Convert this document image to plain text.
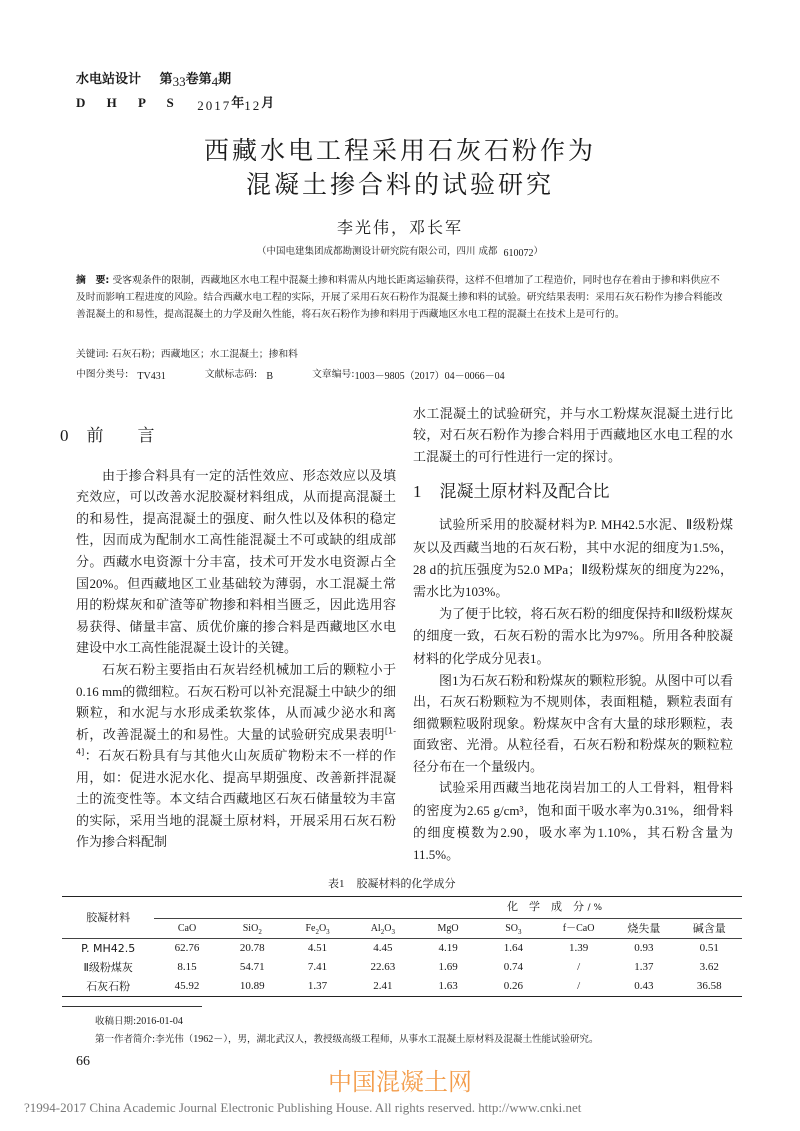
水电站设计 第33卷第4期
D H P S 2017年12月
西藏水电工程采用石灰石粉作为
混凝土掺合料的试验研究
李光伟，邓长军
（中国电建集团成都勘测设计研究院有限公司，四川 成都 610072）
摘　要: 受客观条件的限制，西藏地区水电工程中混凝土掺和料需从内地长距离运输获得，这样不但增加了工程造价，同时也存在着由于掺和料供应不及时而影响工程进度的风险。结合西藏水电工程的实际，开展了采用石灰石粉作为混凝土掺和料的试验。研究结果表明：采用石灰石粉作为掺合料能改善混凝土的和易性，提高混凝土的力学及耐久性能，将石灰石粉作为掺和料用于西藏地区水电工程的混凝土在技术上是可行的。
关键词: 石灰石粉；西藏地区；水工混凝土；掺和料
中图分类号: TV431	文献标志码: B	文章编号:1003－9805（2017）04－0066－04
0 前　　言

由于掺合料具有一定的活性效应、形态效应以及填充效应，可以改善水泥胶凝材料组成，从而提高混凝土的和易性，提高混凝土的强度、耐久性以及体积的稳定性，因而成为配制水工高性能混凝土不可或缺的组成部分。西藏水电资源十分丰富，技术可开发水电资源占全国20%。但西藏地区工业基础较为薄弱，水工混凝土常用的粉煤灰和矿渣等矿物掺和料相当匮乏，因此选用容易获得、储量丰富、质优价廉的掺合料是西藏地区水电建设中水工高性能混凝土设计的关键。

石灰石粉主要指由石灰岩经机械加工后的颗粒小于0.16 mm的微细粒。石灰石粉可以补充混凝土中缺少的细颗粒，和水泥与水形成柔软浆体，从而减少泌水和离析，改善混凝土的和易性。大量的试验研究成果表明[1-4]：石灰石粉具有与其他火山灰质矿物粉末不一样的作用，如：促进水泥水化、提高早期强度、改善新拌混凝土的流变性等。本文结合西藏地区石灰石储量较为丰富的实际，采用当地的混凝土原材料，开展采用石灰石粉作为掺合料配制

水工混凝土的试验研究，并与水工粉煤灰混凝土进行比较，对石灰石粉作为掺合料用于西藏地区水电工程的水工混凝土的可行性进行一定的探讨。

1 混凝土原材料及配合比

试验所采用的胶凝材料为P. MH42.5水泥、Ⅱ级粉煤灰以及西藏当地的石灰石粉，其中水泥的细度为1.5%，28 d的抗压强度为52.0 MPa；Ⅱ级粉煤灰的细度为22%，需水比为103%。

为了便于比较，将石灰石粉的细度保持和Ⅱ级粉煤灰的细度一致，石灰石粉的需水比为97%。所用各种胶凝材料的化学成分见表1。

图1为石灰石粉和粉煤灰的颗粒形貌。从图中可以看出，石灰石粉颗粒为不规则体，表面粗糙，颗粒表面有细微颗粒吸附现象。粉煤灰中含有大量的球形颗粒，表面致密、光滑。从粒径看，石灰石粉和粉煤灰的颗粒粒径分布在一个量级内。

试验采用西藏当地花岗岩加工的人工骨料，粗骨料的密度为2.65 g/cm³，饱和面干吸水率为0.31%，细骨料的细度模数为2.90，吸水率为1.10%，其石粉含量为11.5%。

表1 胶凝材料的化学成分
胶凝材料	化　学　成　分 / %								
	CaO	SiO$_2$	$Fe_2O_3$	$Al_2O_3$	MgO	$SO_3$	f－CaO	烧失量	碱含量
P. MH42.5	62.76	20.78	4.51	4.45	4.19	1.64	1.39	0.93	0.51
Ⅱ级粉煤灰	8.15	54.71	7.41	22.63	1.69	0.74	/	1.37	3.62
石灰石粉	45.92	10.89	1.37	2.41	1.63	0.26	/	0.43	36.58
收稿日期:2016-01-04
第一作者简介:李光伟（1962－），男，湖北武汉人，教授级高级工程师，从事水工混凝土原材料及混凝土性能试验研究。
66
中国混凝土网
?1994-2017 China Academic Journal Electronic Publishing House. All rights reserved. http://www.cnki.net
